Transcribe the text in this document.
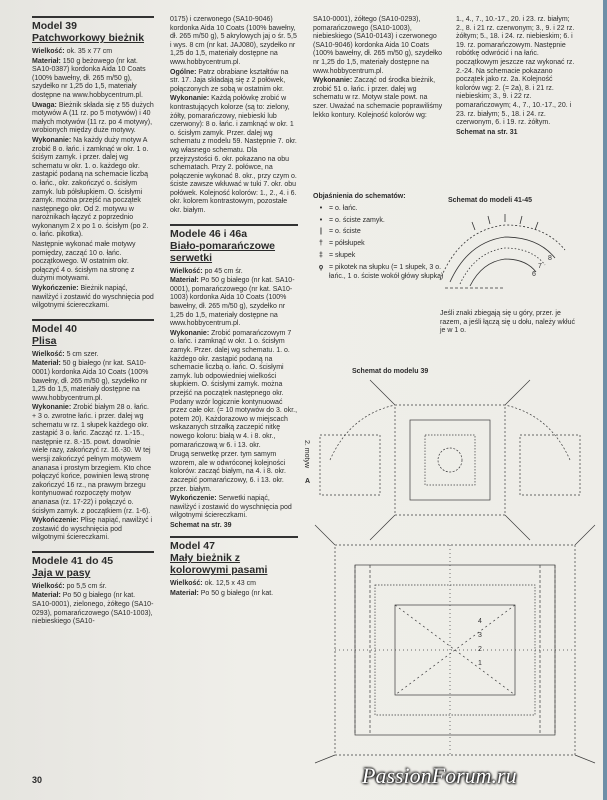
Model 39
Patchworkowy bieżnik

Wielkość: ok. 35 x 77 cm

Materiał: 150 g beżowego (nr kat. SA10-0387) kordonka Aida 10 Coats (100% bawełny, dł. 265 m/50 g), szydełko nr 1,25 do 1,5, materiały dostępne na www.hobbycentrum.pl.

Uwaga: Bieżnik składa się z 55 dużych motywów A (11 rz. po 5 motywów) i 40 małych motywów (11 rz. po 4 motywy), wrobionych między duże motywy.

Wykonanie: Na każdy duży motyw A zrobić 8 o. łańc. i zamknąć w okr. 1 o. ściśym zamyk. i przer. dalej wg schematu w okr. 1. o. każdego okr. zastąpić podaną na schemacie liczbą o. łańc., okr. zakończyć o. ścisłym zamyk. lub półsłupkiem. O. ścisłymi zamyk. można przejść na początek następnego okr. Od 2. motywu w narożnikach łączyć z poprzednio wykonanym 2 x po 1 o. ścisłym (po 2. o. łańc. pikotka).

Następnie wykonać małe motywy pomiędzy, zacząć 10 o. łańc. początkowego. W ostatnim okr. połączyć 4 o. ścisłym na stronę z dużymi motywami.

Wykończenie: Bieżnik napiąć, nawilżyć i zostawić do wyschnięcia pod wilgotnymi ściereczkami.

Model 40
Plisa

Wielkość: 5 cm szer.

Materiał: 50 g białego (nr kat. SA10-0001) kordonka Aida 10 Coats (100% bawełny, dł. 265 m/50 g), szydełko nr 1,25 do 1,5, materiały dostępne na www.hobbycentrum.pl.

Wykonanie: Zrobić białym 28 o. łańc. + 3 o. zwrotne łańc. i przer. dalej wg schematu w rz. 1 słupek każdego okr. zastąpić 3 o. łańc. Zacząć rz. 1.-15., następnie rz. 8.-15. powt. dowolnie wiele razy, zakończyć rz. 16.-30. W tej wersji zakończyć pełnym motywem ananasa i prostym brzegiem. Kto chce połączyć końce, powinien lewą stronę zakończyć 16 rz., na prawym brzegu kontynuować rozpoczęty motyw ananasa (rz. 17-22) i połączyć o. ścisłym zamyk. z początkiem (rz. 1-6).

Wykończenie: Plisę napiąć, nawilżyć i zostawić do wyschnięcia pod wilgotnymi ściereczkami.

Modele 41 do 45
Jaja w pasy

Wielkość: po 5,5 cm śr.

Materiał: Po 50 g białego (nr kat. SA10-0001), zielonego, żółtego (SA10-0293), pomarańczowego (SA10-1003), niebieskiego (SA10-

0175) i czerwonego (SA10-9046) kordonka Aida 10 Coats (100% bawełny, dł. 265 m/50 g), 5 akrylowych jaj o śr. 5,5 i wys. 8 cm (nr kat. JAJ080), szydełko nr 1,25 do 1,5, materiały dostępne na www.hobbycentrum.pl.

Ogólne: Patrz obrabiane kształtów na str. 17. Jaja składają się z 2 połówek, połączonych ze sobą w ostatnim okr.

Wykonanie: Każdą połówkę zrobić w kontrastujących kolorze (są to: zielony, żółty, pomarańczowy, niebieski lub czerwony): 8 o. łańc. i zamknąć w okr. 1 o. ścisłym zamyk. Przer. dalej wg schematu z modelu 59. Następnie 7. okr. wg własnego schematu. Dla przejrzystości 6. okr. pokazano na obu schematach. Przy 2. połówce, na połączenie wykonać 8. okr., przy czym o. ściste zawsze wkłuwać w tuki 7. okr. obu połówek. Kolejność kolorów: 1., 2., 4. i 6. okr. kolorem kontrastowym, pozostałe okr. białym.

Modele 46 i 46a
Biało-pomarańczowe serwetki

Wielkość: po 45 cm śr.

Materiał: Po 50 g białego (nr kat. SA10-0001), pomarańczowego (nr kat. SA10-1003) kordonka Aida 10 Coats (100% bawełny, dł. 265 m/50 g), szydełko nr 1,25 do 1,5, materiały dostępne na www.hobbycentrum.pl.

Wykonanie: Zrobić pomarańczowym 7 o. łańc. i zamknąć w okr. 1 o. ścisłym zamyk. Przer. dalej wg schematu. 1. o. każdego okr. zastąpić podaną na schemacie liczbą o. łańc. O. ścisłymi zamyk. lub odpowiedniej wielkości słupkiem. O. ścisłymi zamyk. można przejść na początek następnego okr. Podany wzór logicznie kontynuować przez całe okr. (= 10 motywów do 3. okr., potem 20). Każdorazowo w miejscach wskazanych strzałką zaczepić nitkę nowego koloru: białą w 4. i 8. okr., pomarańczową w 6. i 13. okr.

Drugą serwetkę przer. tym samym wzorem, ale w odwróconej kolejności kolorów: zacząć białym, na 4. i 8. okr. zaczepić pomarańczowy, 6. i 13. okr. przer. białym.

Wykończenie: Serwetki napiąć, nawilżyć i zostawić do wyschnięcia pod wilgotnymi ściereczkami.

Schemat na str. 39

Model 47
Mały bieżnik z kolorowymi pasami

Wielkość: ok. 12,5 x 43 cm

Materiał: Po 50 g białego (nr kat.

SA10-0001), żółtego (SA10-0293), pomarańczowego (SA10-1003), niebieskiego (SA10-0143) i czerwonego (SA10-9046) kordonka Aida 10 Coats (100% bawełny, dł. 265 m/50 g), szydełko nr 1,25 do 1,5, materiały dostępne na www.hobbycentrum.pl.

Wykonanie: Zacząć od środka bieżnik, zrobić 51 o. łańc. i przer. dalej wg schematu w rz. Motyw stale powt. na szer. Uważać na schemacie poprawiliśmy lekko kontury. Kolejność kolorów wg:

1., 4., 7., 10.-17., 20. i 23. rz. białym; 2., 8. i 21 rz. czerwonym; 3., 9. i 22 rz. żółtym; 5., 18. i 24. rz. niebieskim; 6. i 19. rz. pomarańczowym. Następnie robótkę odwrócić i na łańc. początkowym jeszcze raz wykonać rz. 2.-24. Na schemacie pokazano początek jako rz. 2a. Kolejność kolorów wg: 2. (= 2a), 8. i 21 rz. niebieskim; 3., 9. i 22 rz. pomarańczowym; 4., 7., 10.-17., 20. i 23. rz. białym; 5., 18. i 24. rz. czerwonym, 6. i 19. rz. żółtym.

Schemat na str. 31

Objaśnienia do schematów:
• = o. łańc.
• = o. ściste zamyk.
|	= o. ściste
† = półsłupek
‡ = słupek
ϙ = pikotek na słupku (= 1 słupek, 3 o. łańc., 1 o. ściste wokół główy słupka)
Schemat do modeli 41-45
8
7
6
Jeśli znaki zbiegają się u góry, przer. je razem, a jeśli łączą się u dołu, należy wkłuć je w 1 o.
Schemat do modelu 39
2. motyw
A
4
3
2
1
30	PassionForum.ru
